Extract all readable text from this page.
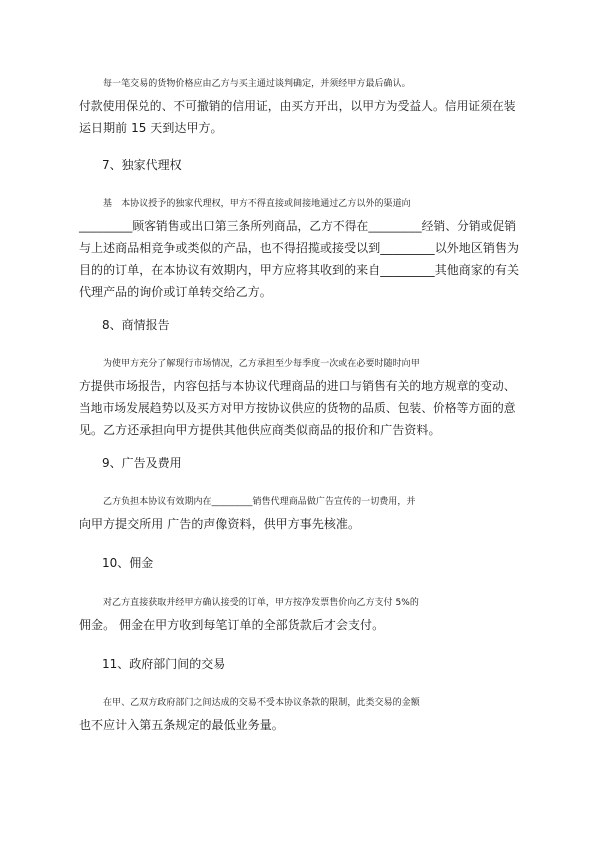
每一笔交易的货物价格应由乙方与买主通过谈判确定，并须经甲方最后确认。
付款使用保兑的、不可撤销的信用证，由买方开出，以甲方为受益人。信用证须在装
运日期前 15 天到达甲方。

7、独家代理权

基　本协议授予的独家代理权，甲方不得直接或间接地通过乙方以外的渠道向
_________顾客销售或出口第三条所列商品，乙方不得在_________经销、分销或促销
与上述商品相竞争或类似的产品，也不得招揽或接受以到_________以外地区销售为
目的的订单，在本协议有效期内，甲方应将其收到的来自_________其他商家的有关
代理产品的询价或订单转交给乙方。

8、商情报告

为使甲方充分了解现行市场情况，乙方承担至少每季度一次或在必要时随时向甲
方提供市场报告，内容包括与本协议代理商品的进口与销售有关的地方规章的变动、
当地市场发展趋势以及买方对甲方按协议供应的货物的品质、包装、价格等方面的意
见。乙方还承担向甲方提供其他供应商类似商品的报价和广告资料。

9、广告及费用

乙方负担本协议有效期内在_________销售代理商品做广告宣传的一切费用，并
向甲方提交所用 广告的声像资料，供甲方事先核准。

10、佣金

对乙方直接获取并经甲方确认接受的订单，甲方按净发票售价向乙方支付 5%的
佣金。 佣金在甲方收到每笔订单的全部货款后才会支付。

11、政府部门间的交易

在甲、乙双方政府部门之间达成的交易不受本协议条款的限制，此类交易的金额
也不应计入第五条规定的最低业务量。
